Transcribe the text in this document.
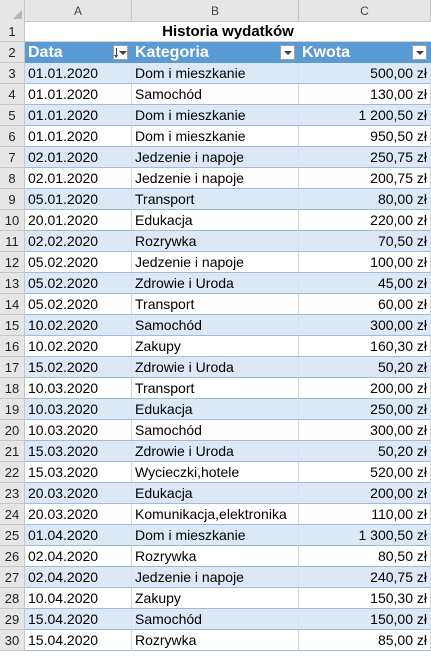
A	B	C
1	Historia wydatków
2 Data	Kategoria	Kwota
3 01.01.2020	Dom i mieszkanie	500,00 zł
4 01.01.2020	Samochód	130,00 zł
5 01.01.2020	Dom i mieszkanie	1 200,50 zł
6 01.01.2020	Dom i mieszkanie	950,50 zł
7 02.01.2020	Jedzenie i napoje	250,75 zł
8 02.01.2020	Jedzenie i napoje	200,75 zł
9 05.01.2020	Transport	80,00 zł
10 20.01.2020	Edukacja	220,00 zł
11 02.02.2020	Rozrywka	70,50 zł
12 05.02.2020	Jedzenie i napoje	100,00 zł
13 05.02.2020	Zdrowie i Uroda	45,00 zł
14 05.02.2020	Transport	60,00 zł
15 10.02.2020	Samochód	300,00 zł
16 10.02.2020	Zakupy	160,30 zł
17 15.02.2020	Zdrowie i Uroda	50,20 zł
18 10.03.2020	Transport	200,00 zł
19 10.03.2020	Edukacja	250,00 zł
20 10.03.2020	Samochód	300,00 zł
21 15.03.2020	Zdrowie i Uroda	50,20 zł
22 15.03.2020	Wycieczki,hotele	520,00 zł
23 20.03.2020	Edukacja	200,00 zł
24 20.03.2020	Komunikacja,elektronika	110,00 zł
25 01.04.2020	Dom i mieszkanie	1 300,50 zł
26 02.04.2020	Rozrywka	80,50 zł
27 02.04.2020	Jedzenie i napoje	240,75 zł
28 10.04.2020	Zakupy	150,30 zł
29 15.04.2020	Samochód	150,00 zł
30 15.04.2020	Rozrywka	85,00 zł
